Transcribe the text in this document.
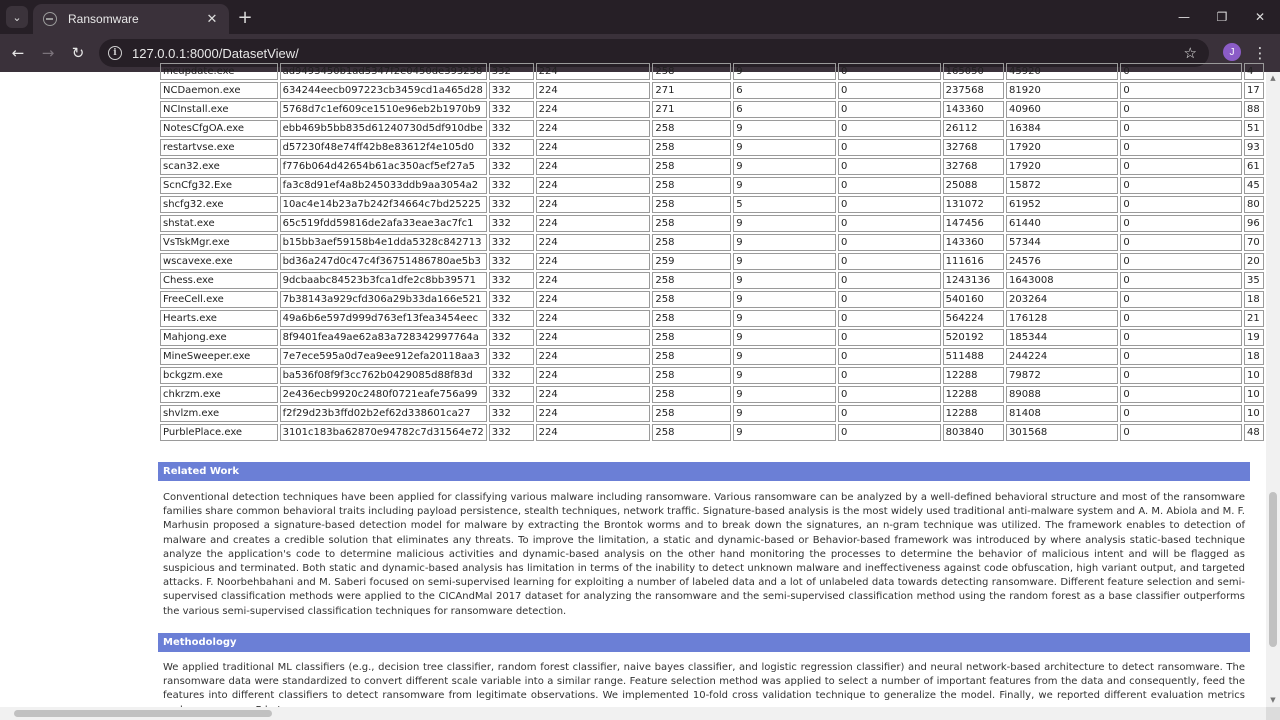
⌄	Ransomware	✕ +	— ❐ ✕
← → ↻	i	127.0.0.1:8000/DatasetView/	☆	J	⋮
mcupdate.exe	ad9493450b1ad5347f2e0450de393258	332	224	258	9	0	165050	45920	0	4
NCDaemon.exe	634244eecb097223cb3459cd1a465d28	332	224	271	6	0	237568	81920	0	17
NCInstall.exe	5768d7c1ef609ce1510e96eb2b1970b9	332	224	271	6	0	143360	40960	0	88
NotesCfgOA.exe	ebb469b5bb835d61240730d5df910dbe	332	224	258	9	0	26112	16384	0	51
restartvse.exe	d57230f48e74ff42b8e83612f4e105d0	332	224	258	9	0	32768	17920	0	93
scan32.exe	f776b064d42654b61ac350acf5ef27a5	332	224	258	9	0	32768	17920	0	61
ScnCfg32.Exe	fa3c8d91ef4a8b245033ddb9aa3054a2	332	224	258	9	0	25088	15872	0	45
shcfg32.exe	10ac4e14b23a7b242f34664c7bd25225	332	224	258	5	0	131072	61952	0	80
shstat.exe	65c519fdd59816de2afa33eae3ac7fc1	332	224	258	9	0	147456	61440	0	96
VsTskMgr.exe	b15bb3aef59158b4e1dda5328c842713	332	224	258	9	0	143360	57344	0	70
wscavexe.exe	bd36a247d0c47c4f36751486780ae5b3	332	224	259	9	0	111616	24576	0	20
Chess.exe	9dcbaabc84523b3fca1dfe2c8bb39571	332	224	258	9	0	1243136	1643008	0	35
FreeCell.exe	7b38143a929cfd306a29b33da166e521	332	224	258	9	0	540160	203264	0	18
Hearts.exe	49a6b6e597d999d763ef13fea3454eec	332	224	258	9	0	564224	176128	0	21
Mahjong.exe	8f9401fea49ae62a83a728342997764a	332	224	258	9	0	520192	185344	0	19
MineSweeper.exe	7e7ece595a0d7ea9ee912efa20118aa3	332	224	258	9	0	511488	244224	0	18
bckgzm.exe	ba536f08f9f3cc762b0429085d88f83d	332	224	258	9	0	12288	79872	0	10
chkrzm.exe	2e436ecb9920c2480f0721eafe756a99	332	224	258	9	0	12288	89088	0	10
shvlzm.exe	f2f29d23b3ffd02b2ef62d338601ca27	332	224	258	9	0	12288	81408	0	10
PurblePlace.exe	3101c183ba62870e94782c7d31564e72	332	224	258	9	0	803840	301568	0	48
Related Work
Conventional detection techniques have been applied for classifying various malware including ransomware. Various ransomware can be analyzed by a well-defined behavioral structure and most of the ransomware families share common behavioral traits including payload persistence, stealth techniques, network traffic. Signature-based analysis is the most widely used traditional anti-malware system and A. M. Abiola and M. F. Marhusin proposed a signature-based detection model for malware by extracting the Brontok worms and to break down the signatures, an n-gram technique was utilized. The framework enables to detection of malware and creates a credible solution that eliminates any threats. To improve the limitation, a static and dynamic-based or Behavior-based framework was introduced by where analysis static-based technique analyze the application's code to determine malicious activities and dynamic-based analysis on the other hand monitoring the processes to determine the behavior of malicious intent and will be flagged as suspicious and terminated. Both static and dynamic-based analysis has limitation in terms of the inability to detect unknown malware and ineffectiveness against code obfuscation, high variant output, and targeted attacks. F. Noorbehbahani and M. Saberi focused on semi-supervised learning for exploiting a number of labeled data and a lot of unlabeled data towards detecting ransomware. Different feature selection and semi-supervised classification methods were applied to the CICAndMal 2017 dataset for analyzing the ransomware and the semi-supervised classification method using the random forest as a base classifier outperforms the various semi-supervised classification techniques for ransomware detection.
Methodology
We applied traditional ML classifiers (e.g., decision tree classifier, random forest classifier, naive bayes classifier, and logistic regression classifier) and neural network-based architecture to detect ransomware. The ransomware data were standardized to convert different scale variable into a similar range. Feature selection method was applied to select a number of important features from the data and consequently, feed the features into different classifiers to detect ransomware from legitimate observations. We implemented 10-fold cross validation technique to generalize the model. Finally, we reported different evaluation metrics
▲
▼
